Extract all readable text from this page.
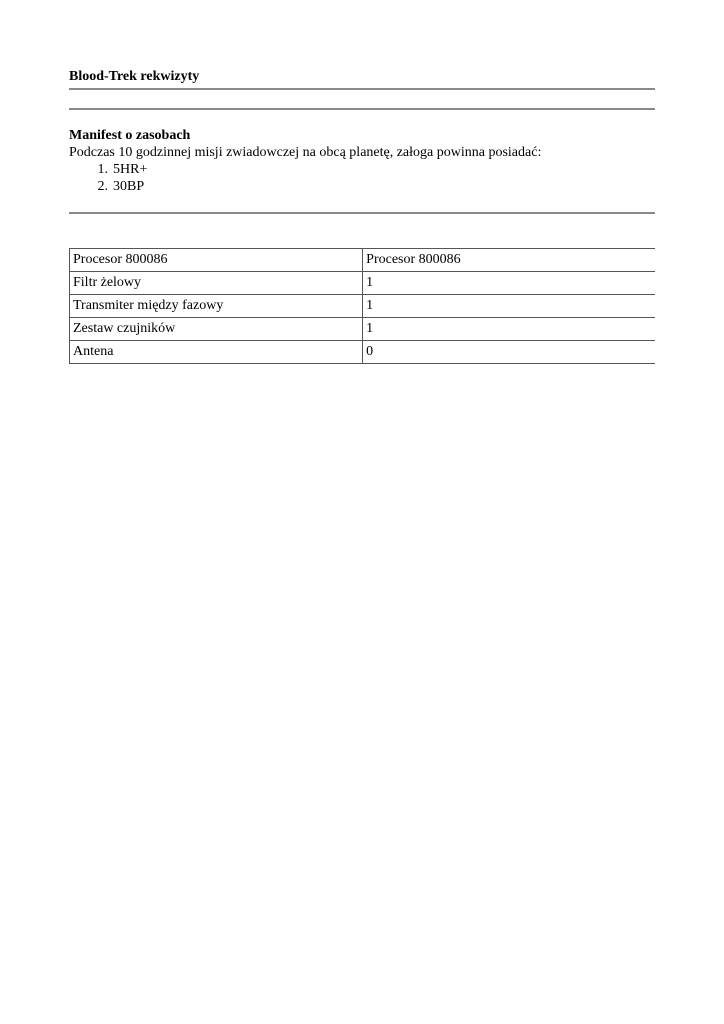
Blood-Trek rekwizyty
Manifest o zasobach
Podczas 10 godzinnej misji zwiadowczej na obcą planetę, załoga powinna posiadać:
1. 5HR+
2. 30BP
Procesor 800086	Procesor 800086
Filtr żelowy	1
Transmiter między fazowy	1
Zestaw czujników	1
Antena	0
